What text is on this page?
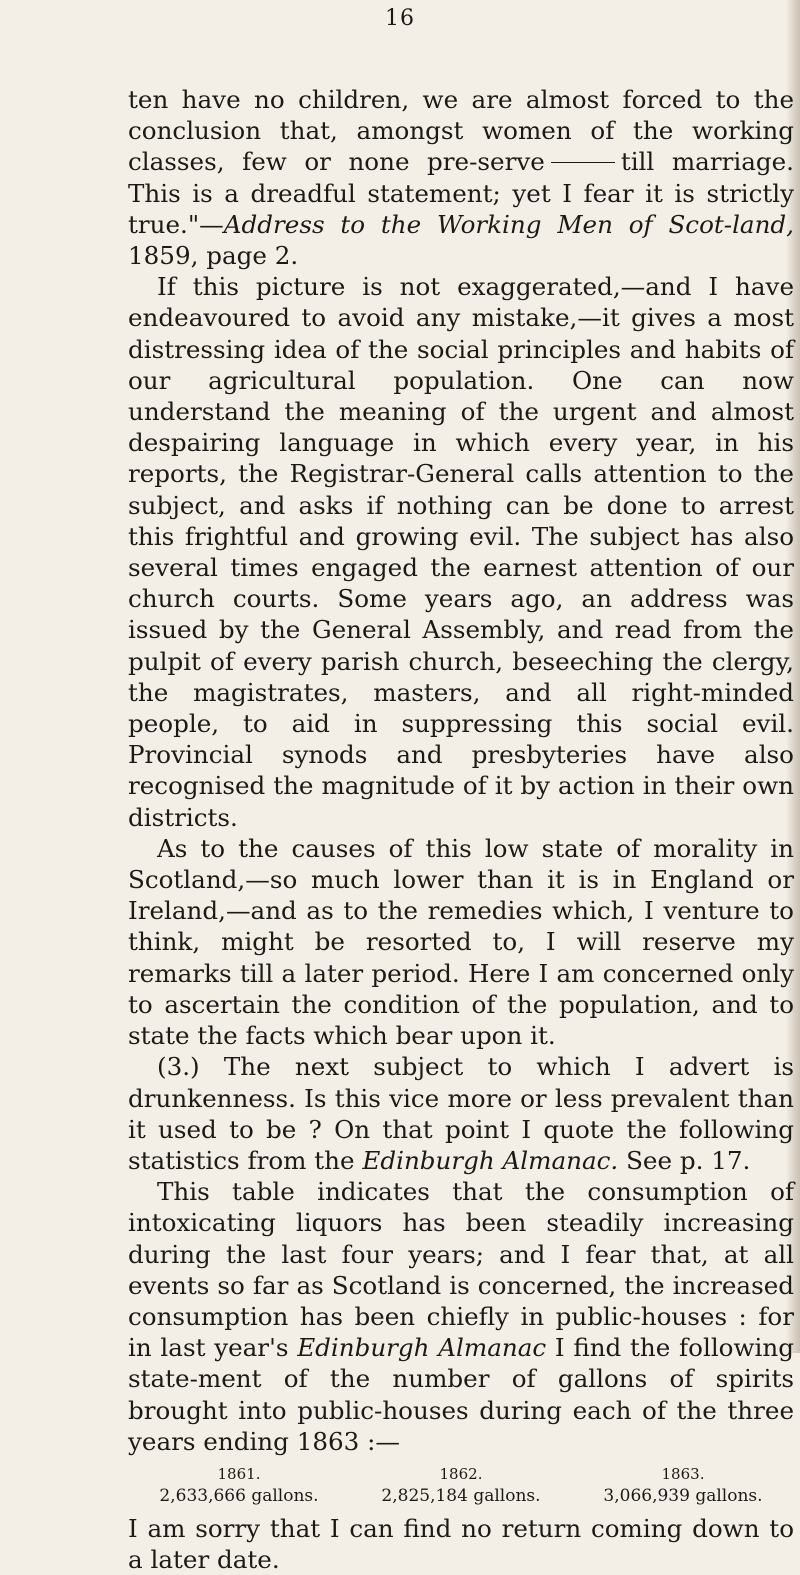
16

ten have no children, we are almost forced to the conclusion that, amongst women of the working classes, few or none pre-serve	till marriage. This is a dreadful statement; yet I fear it is strictly true."—Address to the Working Men of Scot-land, 1859, page 2.

If this picture is not exaggerated,—and I have endeavoured to avoid any mistake,—it gives a most distressing idea of the social principles and habits of our agricultural population. One can now understand the meaning of the urgent and almost despairing language in which every year, in his reports, the Registrar-General calls attention to the subject, and asks if nothing can be done to arrest this frightful and growing evil. The subject has also several times engaged the earnest attention of our church courts. Some years ago, an address was issued by the General Assembly, and read from the pulpit of every parish church, beseeching the clergy, the magistrates, masters, and all right-minded people, to aid in suppressing this social evil. Provincial synods and presbyteries have also recognised the magnitude of it by action in their own districts.

As to the causes of this low state of morality in Scotland,—so much lower than it is in England or Ireland,—and as to the remedies which, I venture to think, might be resorted to, I will reserve my remarks till a later period. Here I am concerned only to ascertain the condition of the population, and to state the facts which bear upon it.

(3.) The next subject to which I advert is drunkenness. Is this vice more or less prevalent than it used to be ? On that point I quote the following statistics from the Edinburgh Almanac. See p. 17.

This table indicates that the consumption of intoxicating liquors has been steadily increasing during the last four years; and I fear that, at all events so far as Scotland is concerned, the increased consumption has been chiefly in public-houses : for in last year's Edinburgh Almanac I find the following state-ment of the number of gallons of spirits brought into public-houses during each of the three years ending 1863 :—

1861.
2,633,666 gallons.
1862.
2,825,184 gallons.
1863.
3,066,939 gallons.

I am sorry that I can find no return coming down to a later date.
